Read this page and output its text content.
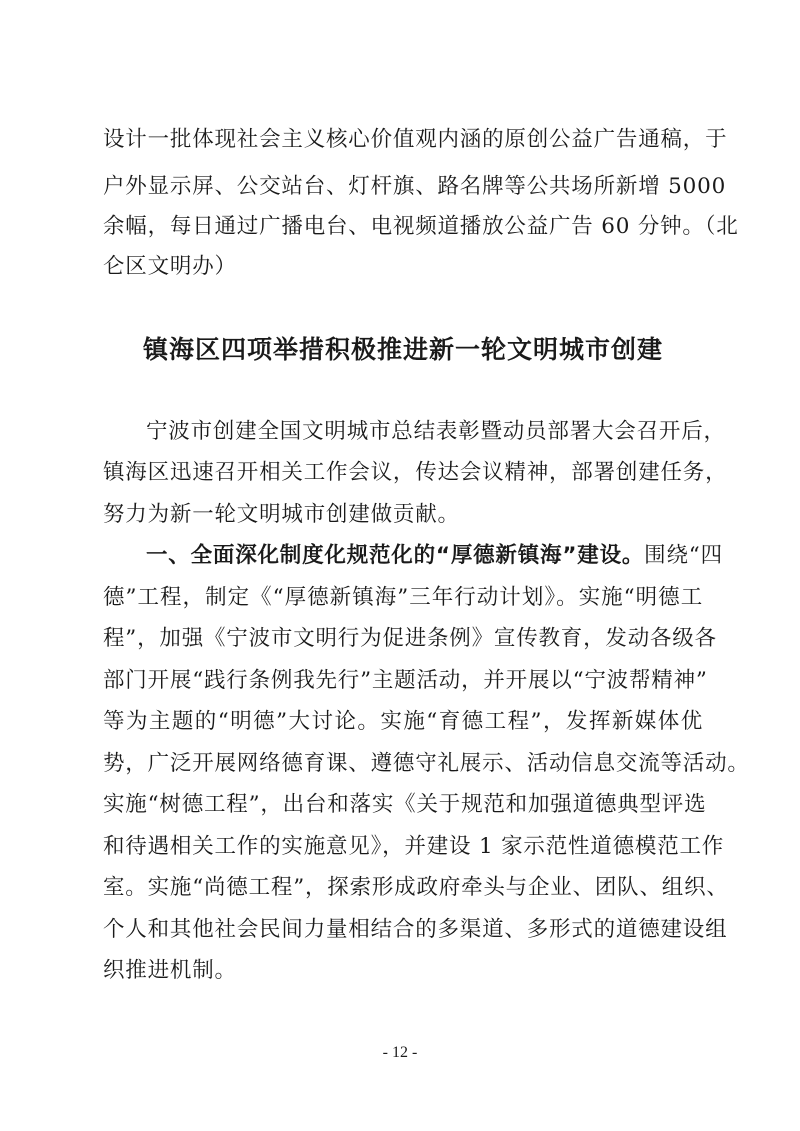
设计一批体现社会主义核心价值观内涵的原创公益广告通稿，于
户外显示屏、公交站台、灯杆旗、路名牌等公共场所新增 5000
余幅，每日通过广播电台、电视频道播放公益广告 60 分钟。（北
仑区文明办）
镇海区四项举措积极推进新一轮文明城市创建
宁波市创建全国文明城市总结表彰暨动员部署大会召开后，
镇海区迅速召开相关工作会议，传达会议精神，部署创建任务，
努力为新一轮文明城市创建做贡献。
一、全面深化制度化规范化的“厚德新镇海”建设。围绕“四
德”工程，制定《“厚德新镇海”三年行动计划》。实施“明德工
程”，加强《宁波市文明行为促进条例》宣传教育，发动各级各
部门开展“践行条例我先行”主题活动，并开展以“宁波帮精神”
等为主题的“明德”大讨论。实施“育德工程”，发挥新媒体优
势，广泛开展网络德育课、遵德守礼展示、活动信息交流等活动。
实施“树德工程”，出台和落实《关于规范和加强道德典型评选
和待遇相关工作的实施意见》，并建设 1 家示范性道德模范工作
室。实施“尚德工程”，探索形成政府牵头与企业、团队、组织、
个人和其他社会民间力量相结合的多渠道、多形式的道德建设组
织推进机制。
- 12 -
